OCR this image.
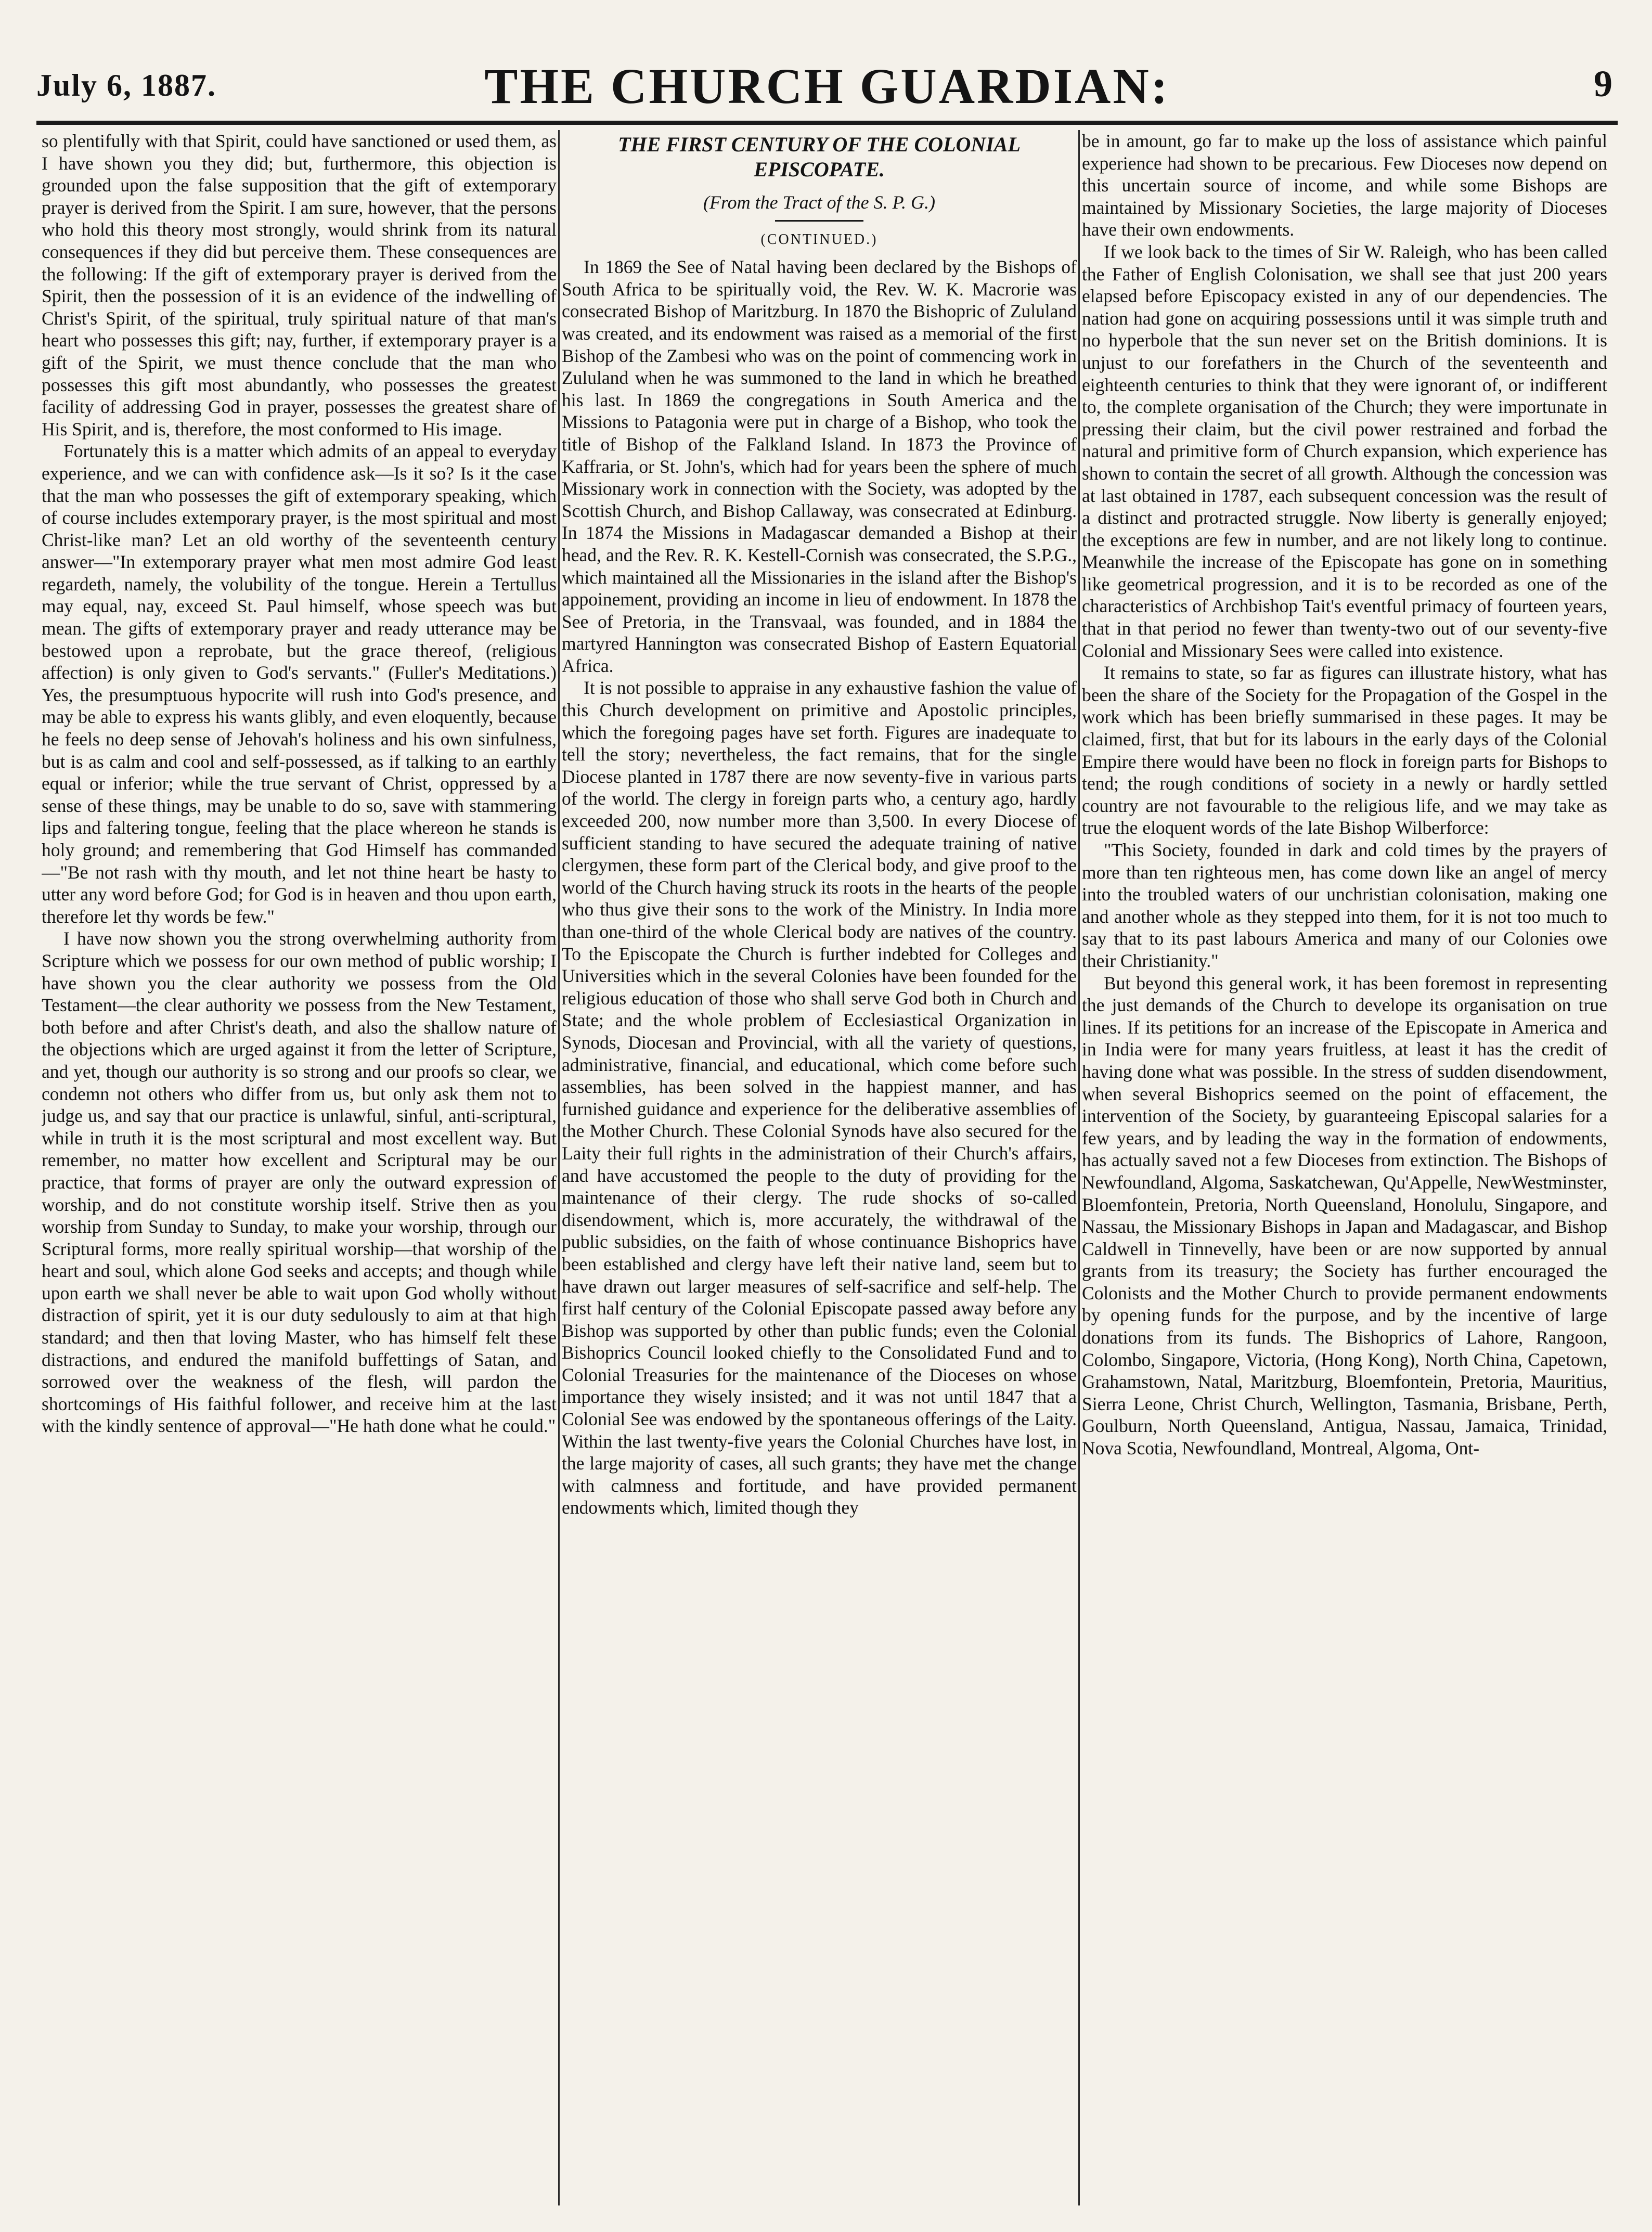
July 6, 1887.	THE CHURCH GUARDIAN:	9

so plentifully with that Spirit, could have sanctioned or used them, as I have shown you they did; but, furthermore, this objection is grounded upon the false supposition that the gift of extemporary prayer is derived from the Spirit. I am sure, however, that the persons who hold this theory most strongly, would shrink from its natural consequences if they did but perceive them. These consequences are the following: If the gift of extemporary prayer is derived from the Spirit, then the possession of it is an evidence of the indwelling of Christ's Spirit, of the spiritual, truly spiritual nature of that man's heart who possesses this gift; nay, further, if extemporary prayer is a gift of the Spirit, we must thence conclude that the man who possesses this gift most abundantly, who possesses the greatest facility of addressing God in prayer, possesses the greatest share of His Spirit, and is, therefore, the most conformed to His image.

Fortunately this is a matter which admits of an appeal to everyday experience, and we can with confidence ask—Is it so? Is it the case that the man who possesses the gift of extemporary speaking, which of course includes extemporary prayer, is the most spiritual and most Christ-like man? Let an old worthy of the seventeenth century answer—"In extemporary prayer what men most admire God least regardeth, namely, the volubility of the tongue. Herein a Tertullus may equal, nay, exceed St. Paul himself, whose speech was but mean. The gifts of extemporary prayer and ready utterance may be bestowed upon a reprobate, but the grace thereof, (religious affection) is only given to God's servants." (Fuller's Meditations.) Yes, the presumptuous hypocrite will rush into God's presence, and may be able to express his wants glibly, and even eloquently, because he feels no deep sense of Jehovah's holiness and his own sinfulness, but is as calm and cool and self-possessed, as if talking to an earthly equal or inferior; while the true servant of Christ, oppressed by a sense of these things, may be unable to do so, save with stammering lips and faltering tongue, feeling that the place whereon he stands is holy ground; and remembering that God Himself has commanded—"Be not rash with thy mouth, and let not thine heart be hasty to utter any word before God; for God is in heaven and thou upon earth, therefore let thy words be few."

I have now shown you the strong overwhelming authority from Scripture which we possess for our own method of public worship; I have shown you the clear authority we possess from the Old Testament—the clear authority we possess from the New Testament, both before and after Christ's death, and also the shallow nature of the objections which are urged against it from the letter of Scripture, and yet, though our authority is so strong and our proofs so clear, we condemn not others who differ from us, but only ask them not to judge us, and say that our practice is unlawful, sinful, anti-scriptural, while in truth it is the most scriptural and most excellent way. But remember, no matter how excellent and Scriptural may be our practice, that forms of prayer are only the outward expression of worship, and do not constitute worship itself. Strive then as you worship from Sunday to Sunday, to make your worship, through our Scriptural forms, more really spiritual worship—that worship of the heart and soul, which alone God seeks and accepts; and though while upon earth we shall never be able to wait upon God wholly without distraction of spirit, yet it is our duty sedulously to aim at that high standard; and then that loving Master, who has himself felt these distractions, and endured the manifold buffettings of Satan, and sorrowed over the weakness of the flesh, will pardon the shortcomings of His faithful follower, and receive him at the last with the kindly sentence of approval—"He hath done what he could."

THE FIRST CENTURY OF THE COLONIAL EPISCOPATE.
(From the Tract of the S. P. G.)
(CONTINUED.)

In 1869 the See of Natal having been declared by the Bishops of South Africa to be spiritually void, the Rev. W. K. Macrorie was consecrated Bishop of Maritzburg. In 1870 the Bishopric of Zululand was created, and its endowment was raised as a memorial of the first Bishop of the Zambesi who was on the point of commencing work in Zululand when he was summoned to the land in which he breathed his last. In 1869 the congregations in South America and the Missions to Patagonia were put in charge of a Bishop, who took the title of Bishop of the Falkland Island. In 1873 the Province of Kaffraria, or St. John's, which had for years been the sphere of much Missionary work in connection with the Society, was adopted by the Scottish Church, and Bishop Callaway, was consecrated at Edinburg. In 1874 the Missions in Madagascar demanded a Bishop at their head, and the Rev. R. K. Kestell-Cornish was consecrated, the S.P.G., which maintained all the Missionaries in the island after the Bishop's appoinement, providing an income in lieu of endowment. In 1878 the See of Pretoria, in the Transvaal, was founded, and in 1884 the martyred Hannington was consecrated Bishop of Eastern Equatorial Africa.

It is not possible to appraise in any exhaustive fashion the value of this Church development on primitive and Apostolic principles, which the foregoing pages have set forth. Figures are inadequate to tell the story; nevertheless, the fact remains, that for the single Diocese planted in 1787 there are now seventy-five in various parts of the world. The clergy in foreign parts who, a century ago, hardly exceeded 200, now number more than 3,500. In every Diocese of sufficient standing to have secured the adequate training of native clergymen, these form part of the Clerical body, and give proof to the world of the Church having struck its roots in the hearts of the people who thus give their sons to the work of the Ministry. In India more than one-third of the whole Clerical body are natives of the country. To the Episcopate the Church is further indebted for Colleges and Universities which in the several Colonies have been founded for the religious education of those who shall serve God both in Church and State; and the whole problem of Ecclesiastical Organization in Synods, Diocesan and Provincial, with all the variety of questions, administrative, financial, and educational, which come before such assemblies, has been solved in the happiest manner, and has furnished guidance and experience for the deliberative assemblies of the Mother Church. These Colonial Synods have also secured for the Laity their full rights in the administration of their Church's affairs, and have accustomed the people to the duty of providing for the maintenance of their clergy. The rude shocks of so-called disendowment, which is, more accurately, the withdrawal of the public subsidies, on the faith of whose continuance Bishoprics have been established and clergy have left their native land, seem but to have drawn out larger measures of self-sacrifice and self-help. The first half century of the Colonial Episcopate passed away before any Bishop was supported by other than public funds; even the Colonial Bishoprics Council looked chiefly to the Consolidated Fund and to Colonial Treasuries for the maintenance of the Dioceses on whose importance they wisely insisted; and it was not until 1847 that a Colonial See was endowed by the spontaneous offerings of the Laity. Within the last twenty-five years the Colonial Churches have lost, in the large majority of cases, all such grants; they have met the change with calmness and fortitude, and have provided permanent endowments which, limited though they

be in amount, go far to make up the loss of assistance which painful experience had shown to be precarious. Few Dioceses now depend on this uncertain source of income, and while some Bishops are maintained by Missionary Societies, the large majority of Dioceses have their own endowments.

If we look back to the times of Sir W. Raleigh, who has been called the Father of English Colonisation, we shall see that just 200 years elapsed before Episcopacy existed in any of our dependencies. The nation had gone on acquiring possessions until it was simple truth and no hyperbole that the sun never set on the British dominions. It is unjust to our forefathers in the Church of the seventeenth and eighteenth centuries to think that they were ignorant of, or indifferent to, the complete organisation of the Church; they were importunate in pressing their claim, but the civil power restrained and forbad the natural and primitive form of Church expansion, which experience has shown to contain the secret of all growth. Although the concession was at last obtained in 1787, each subsequent concession was the result of a distinct and protracted struggle. Now liberty is generally enjoyed; the exceptions are few in number, and are not likely long to continue. Meanwhile the increase of the Episcopate has gone on in something like geometrical progression, and it is to be recorded as one of the characteristics of Archbishop Tait's eventful primacy of fourteen years, that in that period no fewer than twenty-two out of our seventy-five Colonial and Missionary Sees were called into existence.

It remains to state, so far as figures can illustrate history, what has been the share of the Society for the Propagation of the Gospel in the work which has been briefly summarised in these pages. It may be claimed, first, that but for its labours in the early days of the Colonial Empire there would have been no flock in foreign parts for Bishops to tend; the rough conditions of society in a newly or hardly settled country are not favourable to the religious life, and we may take as true the eloquent words of the late Bishop Wilberforce:

"This Society, founded in dark and cold times by the prayers of more than ten righteous men, has come down like an angel of mercy into the troubled waters of our unchristian colonisation, making one and another whole as they stepped into them, for it is not too much to say that to its past labours America and many of our Colonies owe their Christianity."

But beyond this general work, it has been foremost in representing the just demands of the Church to develope its organisation on true lines. If its petitions for an increase of the Episcopate in America and in India were for many years fruitless, at least it has the credit of having done what was possible. In the stress of sudden disendowment, when several Bishoprics seemed on the point of effacement, the intervention of the Society, by guaranteeing Episcopal salaries for a few years, and by leading the way in the formation of endowments, has actually saved not a few Dioceses from extinction. The Bishops of Newfoundland, Algoma, Saskatchewan, Qu'Appelle, NewWestminster, Bloemfontein, Pretoria, North Queensland, Honolulu, Singapore, and Nassau, the Missionary Bishops in Japan and Madagascar, and Bishop Caldwell in Tinnevelly, have been or are now supported by annual grants from its treasury; the Society has further encouraged the Colonists and the Mother Church to provide permanent endowments by opening funds for the purpose, and by the incentive of large donations from its funds. The Bishoprics of Lahore, Rangoon, Colombo, Singapore, Victoria, (Hong Kong), North China, Capetown, Grahamstown, Natal, Maritzburg, Bloemfontein, Pretoria, Mauritius, Sierra Leone, Christ Church, Wellington, Tasmania, Brisbane, Perth, Goulburn, North Queensland, Antigua, Nassau, Jamaica, Trinidad, Nova Scotia, Newfoundland, Montreal, Algoma, Ont-
